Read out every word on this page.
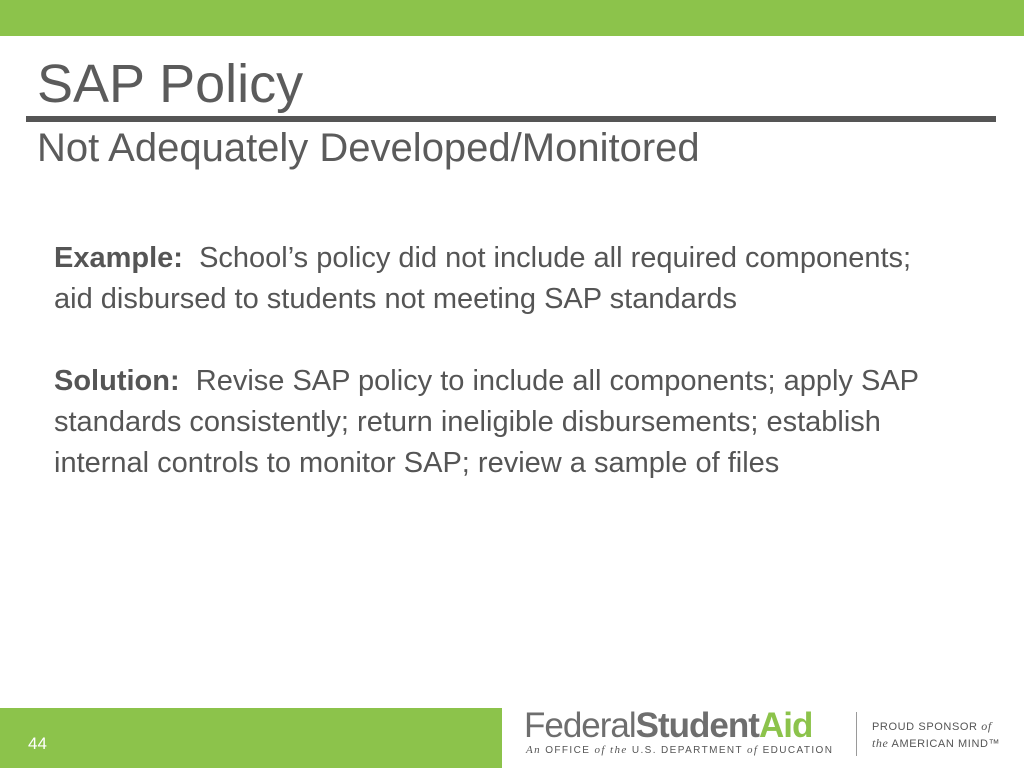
SAP Policy
Not Adequately Developed/Monitored

Example: School’s policy did not include all required components; aid disbursed to students not meeting SAP standards

Solution: Revise SAP policy to include all components; apply SAP standards consistently; return ineligible disbursements; establish internal controls to monitor SAP; review a sample of files

44	FederalStudentAid
An OFFICE of the U.S. DEPARTMENT of EDUCATION
PROUD SPONSOR of
the AMERICAN MIND™
